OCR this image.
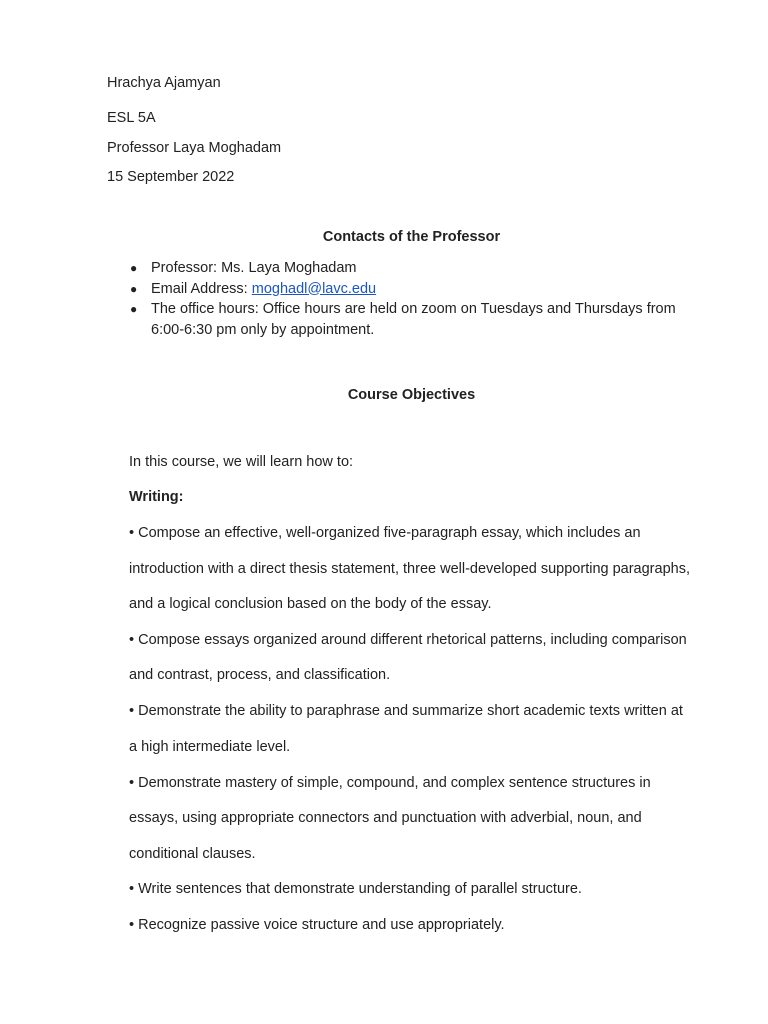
Hrachya Ajamyan
ESL 5A
Professor Laya Moghadam
15 September 2022
Contacts of the Professor
● Professor: Ms. Laya Moghadam
● Email Address: moghadl@lavc.edu
● The office hours: Office hours are held on zoom on Tuesdays and Thursdays from
6:00-6:30 pm only by appointment.
Course Objectives
In this course, we will learn how to:
Writing:
• Compose an effective, well-organized five-paragraph essay, which includes an
introduction with a direct thesis statement, three well-developed supporting paragraphs,
and a logical conclusion based on the body of the essay.
• Compose essays organized around different rhetorical patterns, including comparison
and contrast, process, and classification.
• Demonstrate the ability to paraphrase and summarize short academic texts written at
a high intermediate level.
• Demonstrate mastery of simple, compound, and complex sentence structures in
essays, using appropriate connectors and punctuation with adverbial, noun, and
conditional clauses.
• Write sentences that demonstrate understanding of parallel structure.
• Recognize passive voice structure and use appropriately.
